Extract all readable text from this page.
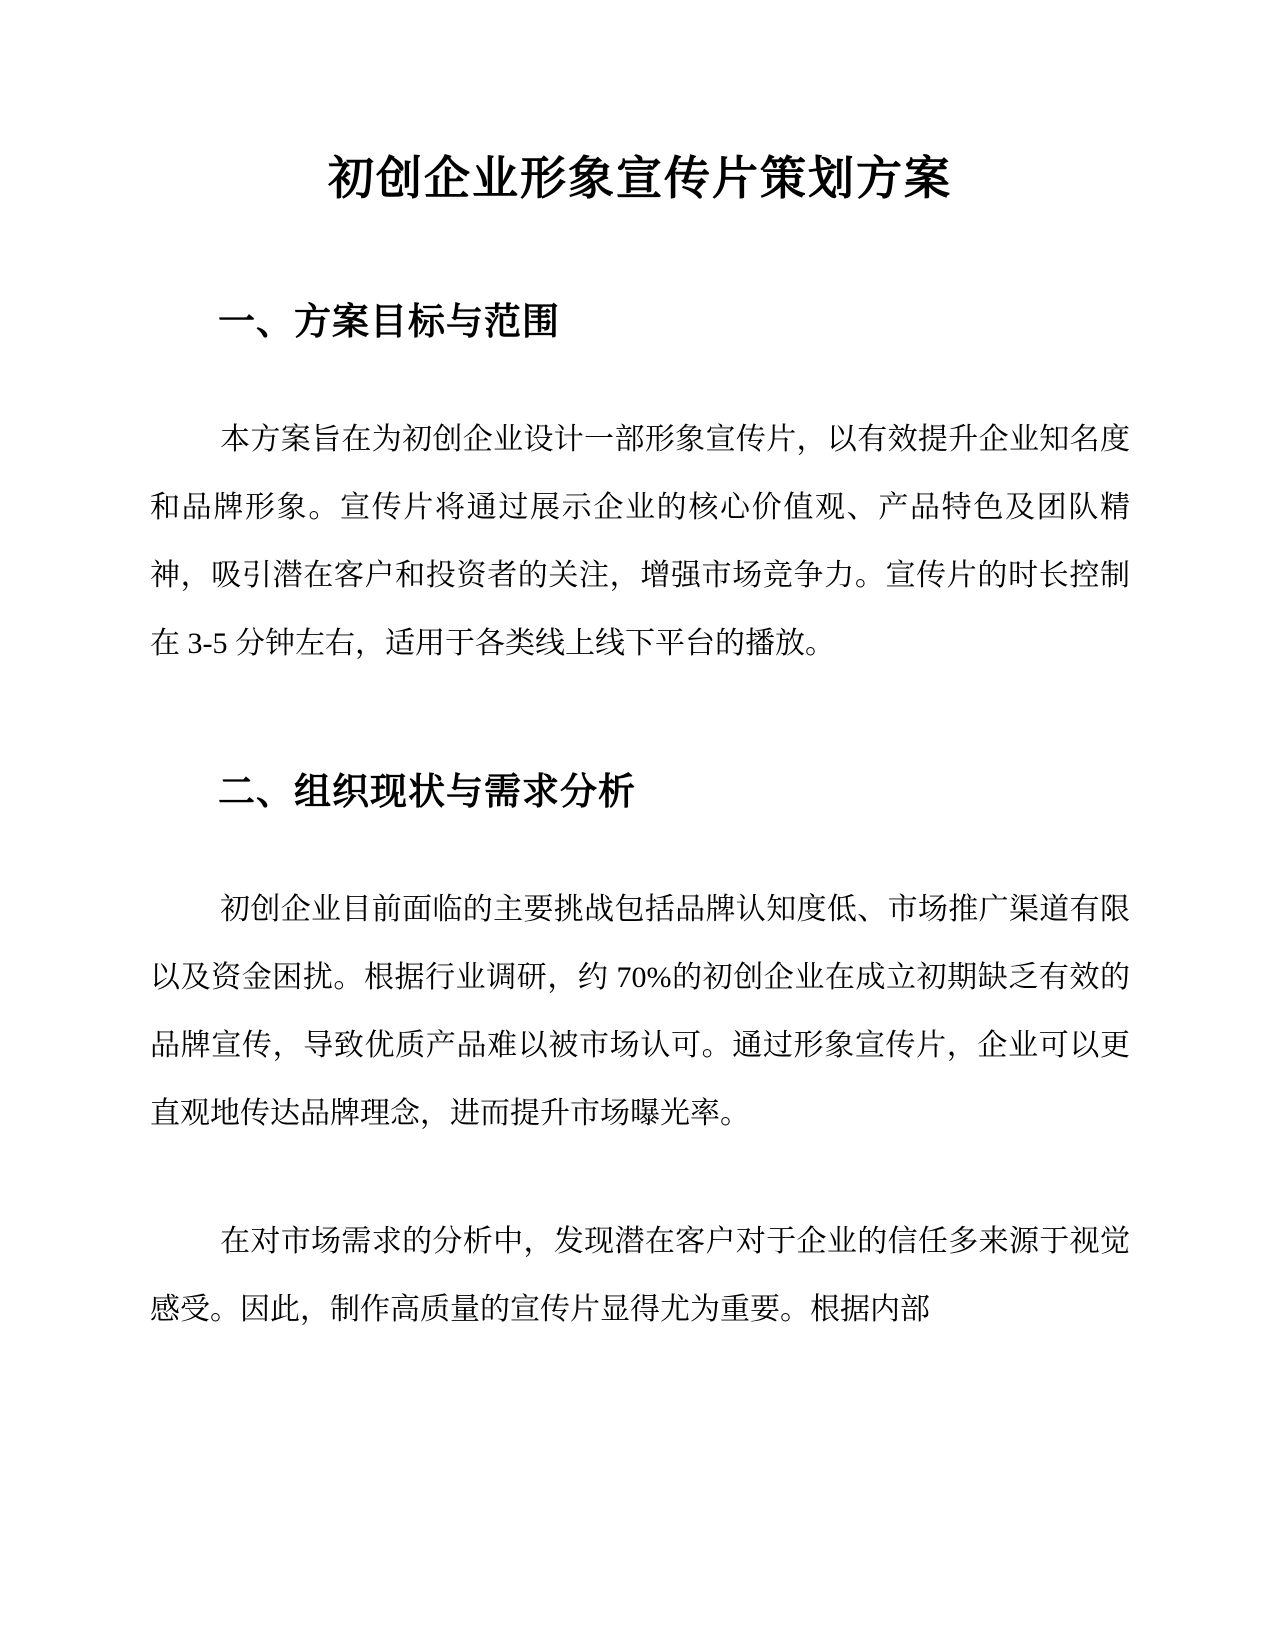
初创企业形象宣传片策划方案
一、方案目标与范围

本方案旨在为初创企业设计一部形象宣传片，以有效提升企业知名度和品牌形象。宣传片将通过展示企业的核心价值观、产品特色及团队精神，吸引潜在客户和投资者的关注，增强市场竞争力。宣传片的时长控制在 3-5 分钟左右，适用于各类线上线下平台的播放。

二、组织现状与需求分析

初创企业目前面临的主要挑战包括品牌认知度低、市场推广渠道有限以及资金困扰。根据行业调研，约 70%的初创企业在成立初期缺乏有效的品牌宣传，导致优质产品难以被市场认可。通过形象宣传片，企业可以更直观地传达品牌理念，进而提升市场曝光率。

在对市场需求的分析中，发现潜在客户对于企业的信任多来源于视觉感受。因此，制作高质量的宣传片显得尤为重要。根据内部
